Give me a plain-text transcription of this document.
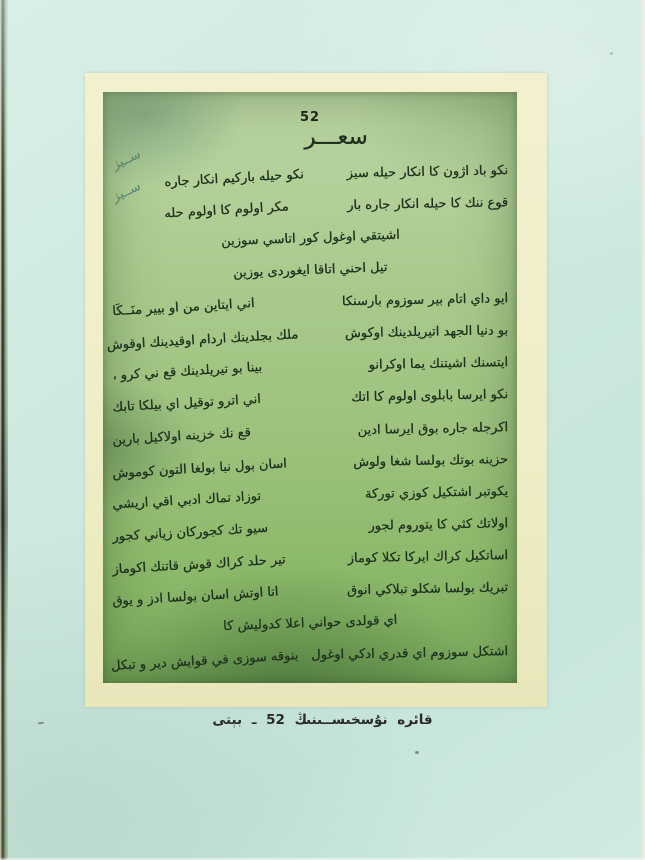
52
سعـــر
نكو باد اژون كا انكار حيله سيز
نكو حيله باركيم انكار جاره
ســيز
قوع ننك كا حيله انكار جاره بار
مكر اولوم كا اولوم حله
ســيز
اشيتقي اوغول كور اتاسي سوزين
تيل احني اتاقا ايغوردى يوزين
ايو داي اتام بير سوزوم بارسنكا
اني ايتاين من او بيير منَــكَا
بو دنيا الجهد اتيريلدينك اوكوش
ملك بجلدينك اردام اوقيدينك اوقوش
ايتسنك اشيتنك يما اوكرانو
بينا بو تيريلدينك قع ني كرو ،
نكو ايرسا بابلوى اولوم كا اتك
اني اترو توقيل اي بيلكا تابك
اكرجله جاره بوق ايرسا ادين
قع نك خزينه اولاكيل بارين
حزينه بوتك بولسا شغا ولوش
اسان بول نبا بولغا التون كوموش
يكوتبر اشتكيل كوزي توركة
توزاد تماك ادبي اقي اريشي
اولاتك كثي كا يتوروم لجور
سيو تك كجوركان زياني كجور
اساتكيل كراك ايركا تكلا كوماز
تير حلد كراك قوش قاتنك اكوماز
تبريك بولسا شكلو تبلاكي انوق
اتا اوتش اسان بولسا ادز و يوق
اي قولدى حواني اعلا كدوليش كا
اشتكل سوزوم اي قدري ادكي اوغول
بنوقه سوزى في قوايش دير و تبكل
قائره نۇسخىســىنىڭ 52 ـ بېتى
